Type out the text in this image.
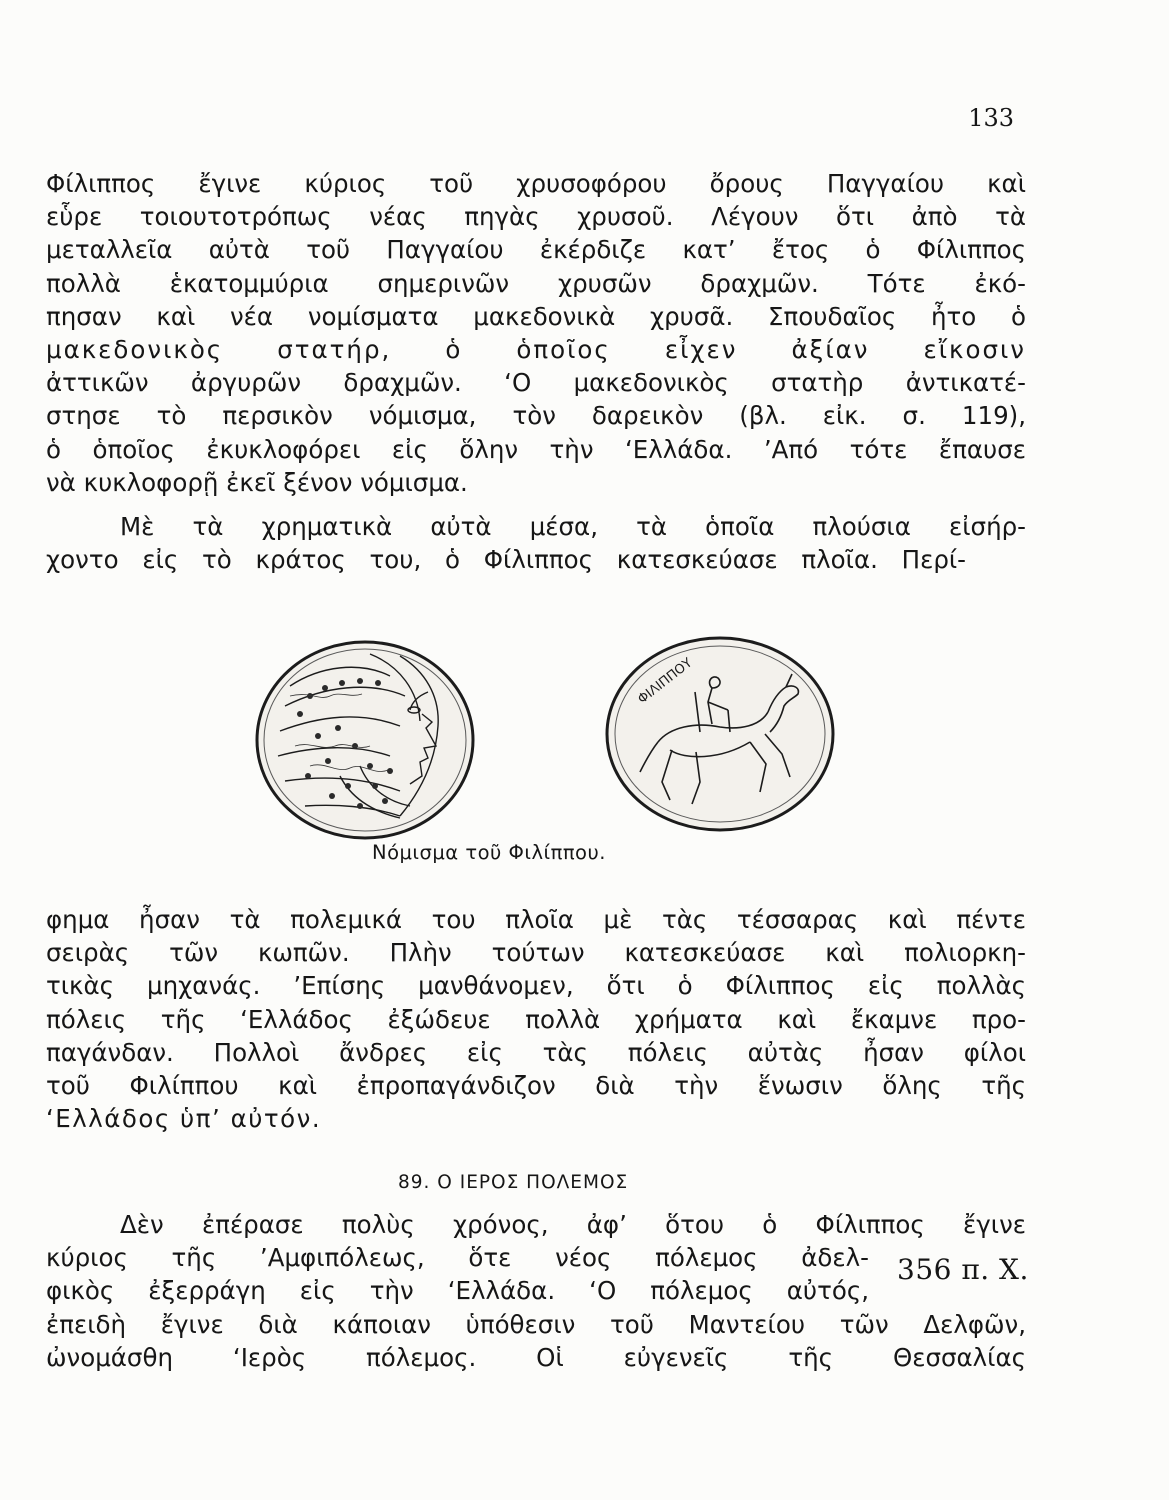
133
Φίλιππος ἔγινε κύριος τοῦ χρυσοφόρου ὄρους Παγγαίου καὶ
εὗρε τοιουτοτρόπως νέας πηγὰς χρυσοῦ. Λέγουν ὅτι ἀπὸ τὰ
μεταλλεῖα αὐτὰ τοῦ Παγγαίου ἐκέρδιζε κατ’ ἔτος ὁ Φίλιππος
πολλὰ ἑκατομμύρια σημερινῶν χρυσῶν δραχμῶν. Τότε ἐκό-
πησαν καὶ νέα νομίσματα μακεδονικὰ χρυσᾶ. Σπουδαῖος ἦτο ὁ
μακεδονικὸς στατήρ, ὁ ὁποῖος εἶχεν ἀξίαν εἴκοσιν
ἀττικῶν ἀργυρῶν δραχμῶν. ‘Ο μακεδονικὸς στατὴρ ἀντικατέ-
στησε τὸ περσικὸν νόμισμα, τὸν δαρεικὸν (βλ. εἰκ. σ. 119),
ὁ ὁποῖος ἐκυκλοφόρει εἰς ὅλην τὴν ‘Ελλάδα. ’Από τότε ἔπαυσε
νὰ κυκλοφορῇ ἐκεῖ ξένον νόμισμα.
Μὲ τὰ χρηματικὰ αὐτὰ μέσα, τὰ ὁποῖα πλούσια εἰσήρ-
χοντο εἰς τὸ κράτος του, ὁ Φίλιππος κατεσκεύασε πλοῖα. Περί-
ΦΙΛΙΠΠΟΥ
Νόμισμα τοῦ Φιλίππου.
φημα ἦσαν τὰ πολεμικά του πλοῖα μὲ τὰς τέσσαρας καὶ πέντε
σειρὰς τῶν κωπῶν. Πλὴν τούτων κατεσκεύασε καὶ πολιορκη-
τικὰς μηχανάς. ’Επίσης μανθάνομεν, ὅτι ὁ Φίλιππος εἰς πολλὰς
πόλεις τῆς ‘Ελλάδος ἐξώδευε πολλὰ χρήματα καὶ ἔκαμνε προ-
παγάνδαν. Πολλοὶ ἄνδρες εἰς τὰς πόλεις αὐτὰς ἦσαν φίλοι
τοῦ Φιλίππου καὶ ἐπροπαγάνδιζον διὰ τὴν ἕνωσιν ὅλης τῆς
‘Ελλάδος ὑπ’ αὐτόν.
89. Ο ΙΕΡΟΣ ΠΟΛΕΜΟΣ
Δὲν ἐπέρασε πολὺς χρόνος, ἀφ’ ὅτου ὁ Φίλιππος ἔγινε
κύριος τῆς ’Αμφιπόλεως, ὅτε νέος πόλεμος ἀδελ-
φικὸς ἐξερράγη εἰς τὴν ‘Ελλάδα. ‘Ο πόλεμος αὐτός,
ἐπειδὴ ἔγινε διὰ κάποιαν ὑπόθεσιν τοῦ Μαντείου τῶν Δελφῶν,
ὠνομάσθη ‘Ιερὸς πόλεμος. Οἱ εὐγενεῖς τῆς Θεσσαλίας
356 π. Χ.
